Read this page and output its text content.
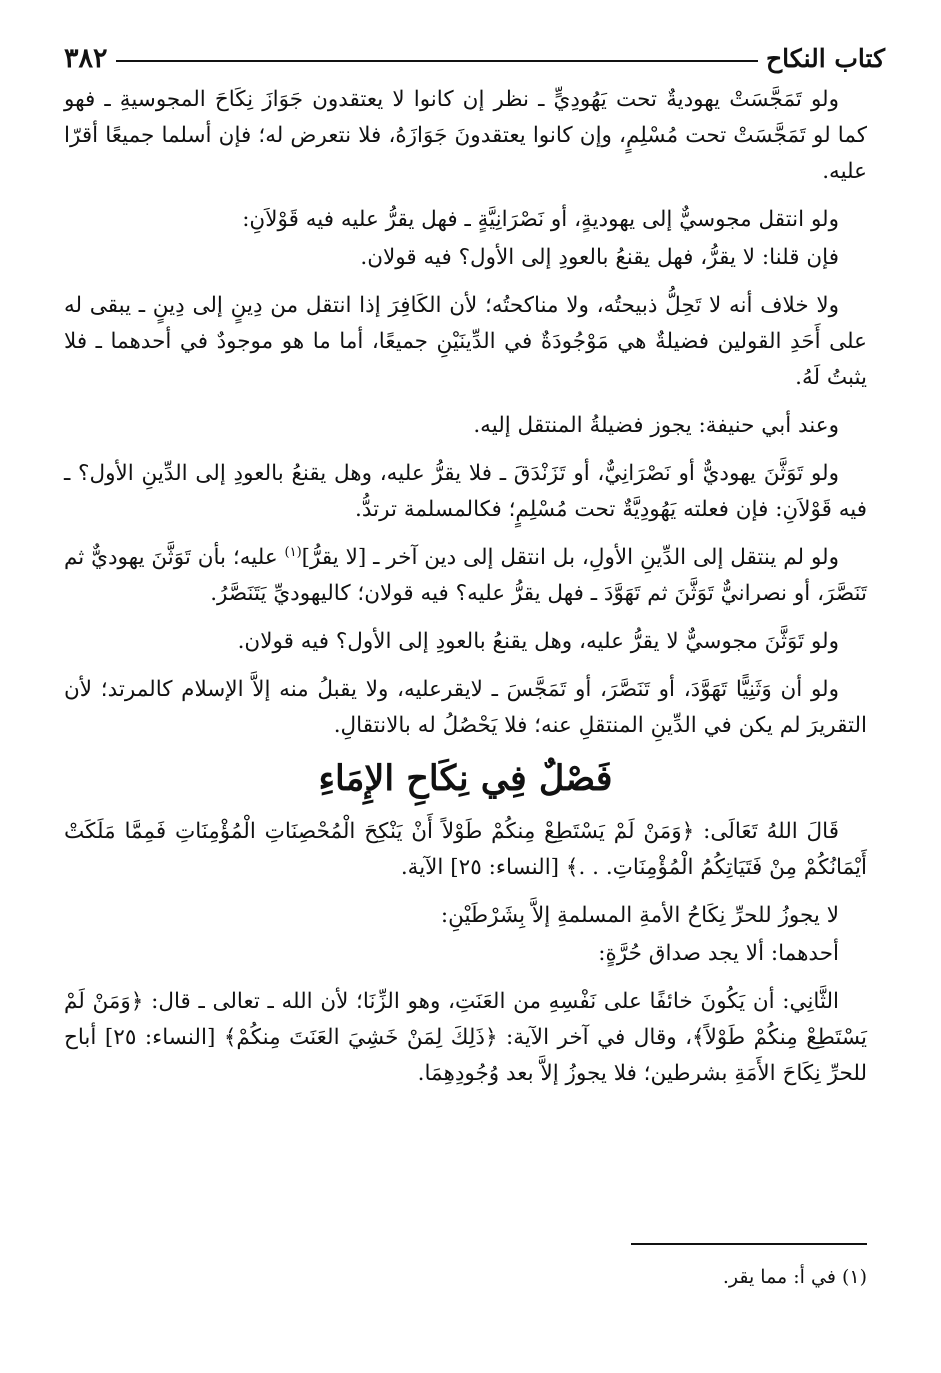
كتاب النكاح
٣٨٢

ولو تَمَجَّسَتْ يهوديةٌ تحت يَهُودِيٍّ ـ نظر إن كانوا لا يعتقدون جَوَازَ نِكَاحَ المجوسيةِ ـ فهو كما لو تَمَجَّسَتْ تحت مُسْلِمٍ، وإن كانوا يعتقدونَ جَوَازَهُ، فلا نتعرض له؛ فإن أسلما جميعًا أقرّا عليه.

ولو انتقل مجوسيٌّ إلى يهوديةٍ، أو نَصْرَانِيَّةٍ ـ فهل يقرُّ عليه فيه قَوْلاَنِ:

فإن قلنا: لا يقرُّ، فهل يقنعُ بالعودِ إلى الأول؟ فيه قولان.

ولا خلاف أنه لا تَحِلُّ ذبيحتُه، ولا مناكحتُه؛ لأن الكَافِرَ إذا انتقل من دِينٍ إلى دِينٍ ـ يبقى له على أَحَدِ القولين فضيلةٌ هي مَوْجُودَةٌ في الدِّينَيْنِ جميعًا، أما ما هو موجودٌ في أحدهما ـ فلا يثبتُ لَهُ.

وعند أبي حنيفة: يجوز فضيلةُ المنتقل إليه.

ولو تَوَثَّنَ يهوديٌّ أو نَصْرَانِيٌّ، أو تَزَنْدَقَ ـ فلا يقرُّ عليه، وهل يقنعُ بالعودِ إلى الدِّينِ الأول؟ ـ فيه قَوْلاَنِ: فإن فعلته يَهُودِيَّةٌ تحت مُسْلِمٍ؛ فكالمسلمة ترتدُّ.

ولو لم ينتقل إلى الدِّينِ الأولِ، بل انتقل إلى دين آخر ـ [لا يقرُّ]$^{(١)}$ عليه؛ بأن تَوَثَّنَ يهوديٌّ ثم تَنَصَّرَ، أو نصرانيٌّ تَوَثَّنَ ثم تَهَوَّدَ ـ فهل يقرُّ عليه؟ فيه قولان؛ كاليهوديِّ يَتَنَصَّرُ.

ولو تَوَثَّنَ مجوسيٌّ لا يقرُّ عليه، وهل يقنعُ بالعودِ إلى الأول؟ فيه قولان.

ولو أن وَثَنِيًّا تَهَوَّدَ، أو تَنَصَّرَ، أو تَمَجَّسَ ـ لايقرعليه، ولا يقبلُ منه إلاَّ الإسلام كالمرتد؛ لأن التقريرَ لم يكن في الدِّينِ المنتقلِ عنه؛ فلا يَحْصُلُ له بالانتقالِ.

فَصْلٌ فِي نِكَاحِ الإِمَاءِ

قَالَ اللهُ تَعَالَى: ﴿وَمَنْ لَمْ يَسْتَطِعْ مِنكُمْ طَوْلاً أَنْ يَنْكِحَ الْمُحْصِنَاتِ الْمُؤْمِنَاتِ فَمِمَّا مَلَكَتْ أَيْمَانُكُمْ مِنْ فَتَيَاتِكُمُ الْمُؤْمِنَاتِ. . .﴾ [النساء: ٢٥] الآية.

لا يجوزُ للحرِّ نِكَاحُ الأمةِ المسلمةِ إلاَّ بِشَرْطَيْنِ:

أحدهما: ألا يجد صداق حُرَّةٍ:

الثَّانِي: أن يَكُونَ خائفًا على نَفْسِهِ من العَنَتِ، وهو الزِّنَا؛ لأن الله ـ تعالى ـ قال: ﴿وَمَنْ لَمْ يَسْتَطِعْ مِنكُمْ طَوْلاً﴾، وقال في آخر الآية: ﴿ذَلِكَ لِمَنْ خَشِيَ العَنَتَ مِنكُمْ﴾ [النساء: ٢٥] أباح للحرِّ نِكَاحَ الأَمَةِ بشرطين؛ فلا يجوزُ إلاَّ بعد وُجُودِهِمَا.

(١) في أ: مما يقر.
